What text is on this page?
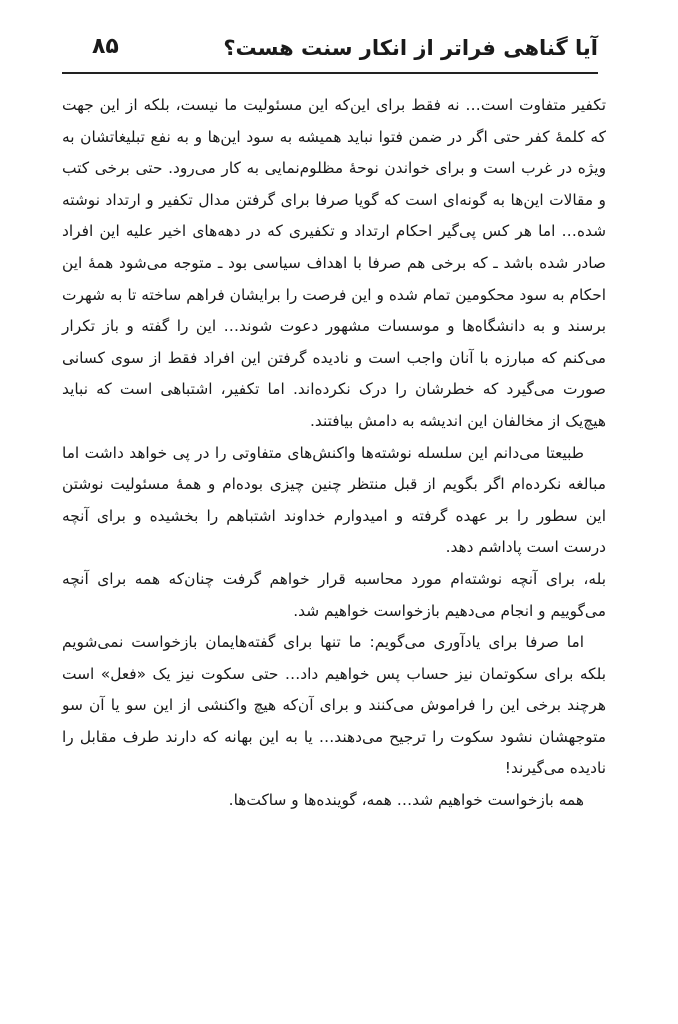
آیا گناهی فراتر از انکار سنت هست؟
۸۵

تکفیر متفاوت است… نه فقط برای این‌که این مسئولیت ما نیست، بلکه از این جهت که کلمهٔ کفر حتی اگر در ضمن فتوا نباید همیشه به سود این‌ها و به نفع تبلیغاتشان به ویژه در غرب است و برای خواندن نوحهٔ مظلوم‌نمایی به کار می‌رود. حتی برخی کتب و مقالات این‌ها به گونه‌ای است که گویا صرفا برای گرفتن مدال تکفیر و ارتداد نوشته شده… اما هر کس پی‌گیر احکام ارتداد و تکفیری که در دهه‌های اخیر علیه این افراد صادر شده باشد ـ که برخی هم صرفا با اهداف سیاسی بود ـ متوجه می‌شود همهٔ این احکام به سود محکومین تمام شده و این فرصت را برایشان فراهم ساخته تا به شهرت برسند و به دانشگاه‌ها و موسسات مشهور دعوت شوند… این را گفته و باز تکرار می‌کنم که مبارزه با آنان واجب است و نادیده گرفتن این افراد فقط از سوی کسانی صورت می‌گیرد که خطرشان را درک نکرده‌اند. اما تکفیر، اشتباهی است که نباید هیچ‌یک از مخالفان این اندیشه به دامش بیافتند.

طبیعتا می‌دانم این سلسله نوشته‌ها واکنش‌های متفاوتی را در پی خواهد داشت اما مبالغه نکرده‌ام اگر بگویم از قبل منتظر چنین چیزی بوده‌ام و همهٔ مسئولیت نوشتن این سطور را بر عهده گرفته و امیدوارم خداوند اشتباهم را بخشیده و برای آنچه درست است پاداشم دهد.

بله، برای آنچه نوشته‌ام مورد محاسبه قرار خواهم گرفت چنان‌که همه برای آنچه می‌گوییم و انجام می‌دهیم بازخواست خواهیم شد.

اما صرفا برای یادآوری می‌گویم: ما تنها برای گفته‌هایمان بازخواست نمی‌شویم بلکه برای سکوتمان نیز حساب پس خواهیم داد… حتی سکوت نیز یک «فعل» است هرچند برخی این را فراموش می‌کنند و برای آن‌که هیچ واکنشی از این سو یا آن سو متوجهشان نشود سکوت را ترجیح می‌دهند… یا به این بهانه که دارند طرف مقابل را نادیده می‌گیرند!

همه بازخواست خواهیم شد… همه، گوینده‌ها و ساکت‌ها.
